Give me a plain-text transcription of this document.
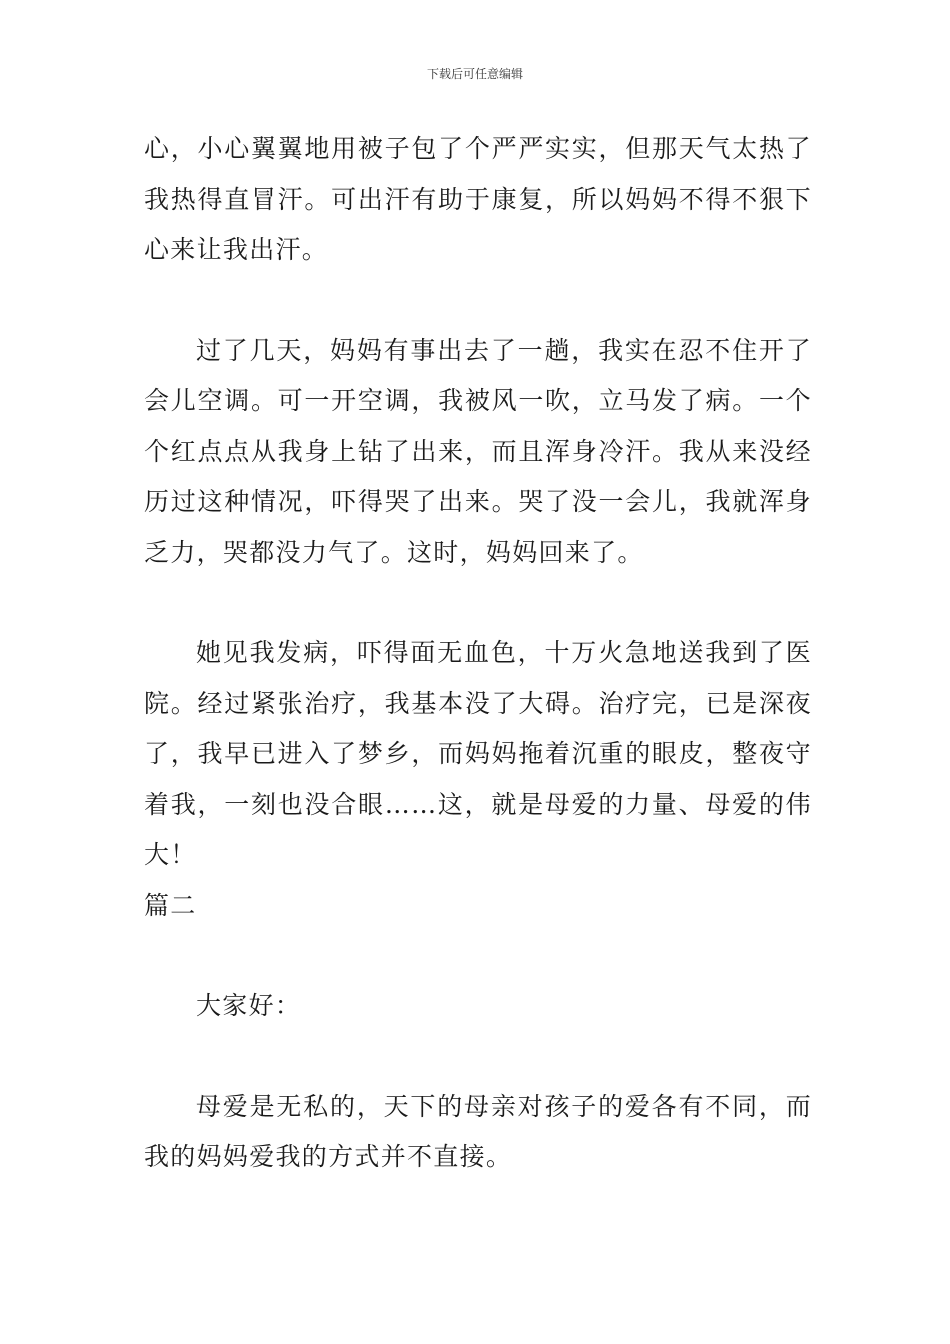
下载后可任意编辑

心，小心翼翼地用被子包了个严严实实，但那天气太热了我热得直冒汗。可出汗有助于康复，所以妈妈不得不狠下心来让我出汗。

过了几天，妈妈有事出去了一趟，我实在忍不住开了会儿空调。可一开空调，我被风一吹，立马发了病。一个个红点点从我身上钻了出来，而且浑身冷汗。我从来没经历过这种情况，吓得哭了出来。哭了没一会儿，我就浑身乏力，哭都没力气了。这时，妈妈回来了。

她见我发病，吓得面无血色，十万火急地送我到了医院。经过紧张治疗，我基本没了大碍。治疗完，已是深夜了，我早已进入了梦乡，而妈妈拖着沉重的眼皮，整夜守着我，一刻也没合眼……这，就是母爱的力量、母爱的伟大！

篇二

大家好：

母爱是无私的，天下的母亲对孩子的爱各有不同，而我的妈妈爱我的方式并不直接。
